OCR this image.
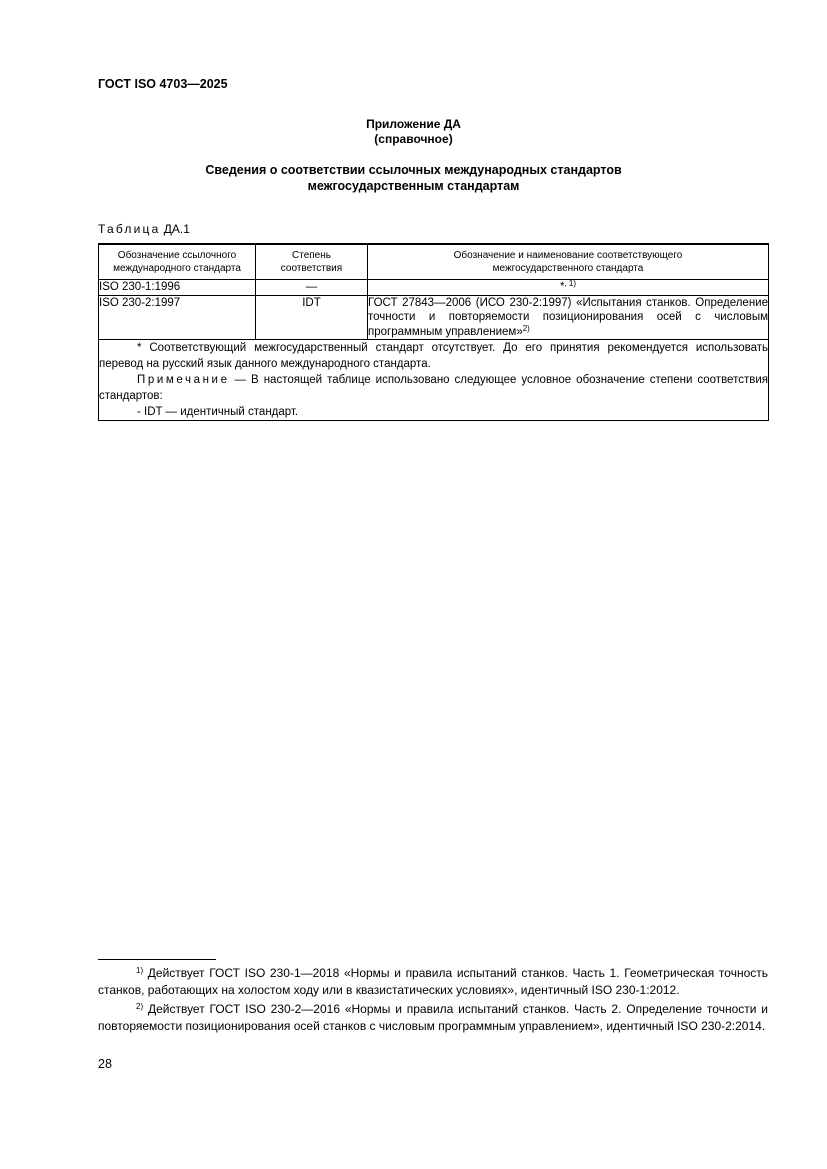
ГОСТ ISO 4703—2025
Приложение ДА
(справочное)
Сведения о соответствии ссылочных международных стандартов
межгосударственным стандартам
Таблица ДА.1
Обозначение ссылочного международного стандарта	Степень соответствия	Обозначение и наименование соответствующего межгосударственного стандарта
ISO 230-1:1996	—	*$^{, 1)}$
ISO 230-2:1997	IDT	ГОСТ 27843—2006 (ИСО 230-2:1997) «Испытания станков. Определение точности и повторяемости позиционирования осей с числовым программным управлением»$^{2)}$

* Соответствующий межгосударственный стандарт отсутствует. До его принятия рекомендуется использовать перевод на русский язык данного международного стандарта.

Примечание — В настоящей таблице использовано следующее условное обозначение степени соответствия стандартов:

- IDT — идентичный стандарт.		

$^{1)}$ Действует ГОСТ ISO 230-1—2018 «Нормы и правила испытаний станков. Часть 1. Геометрическая точность станков, работающих на холостом ходу или в квазистатических условиях», идентичный ISO 230-1:2012.

$^{2)}$ Действует ГОСТ ISO 230-2—2016 «Нормы и правила испытаний станков. Часть 2. Определение точности и повторяемости позиционирования осей станков с числовым программным управлением», идентичный ISO 230-2:2014.

28
